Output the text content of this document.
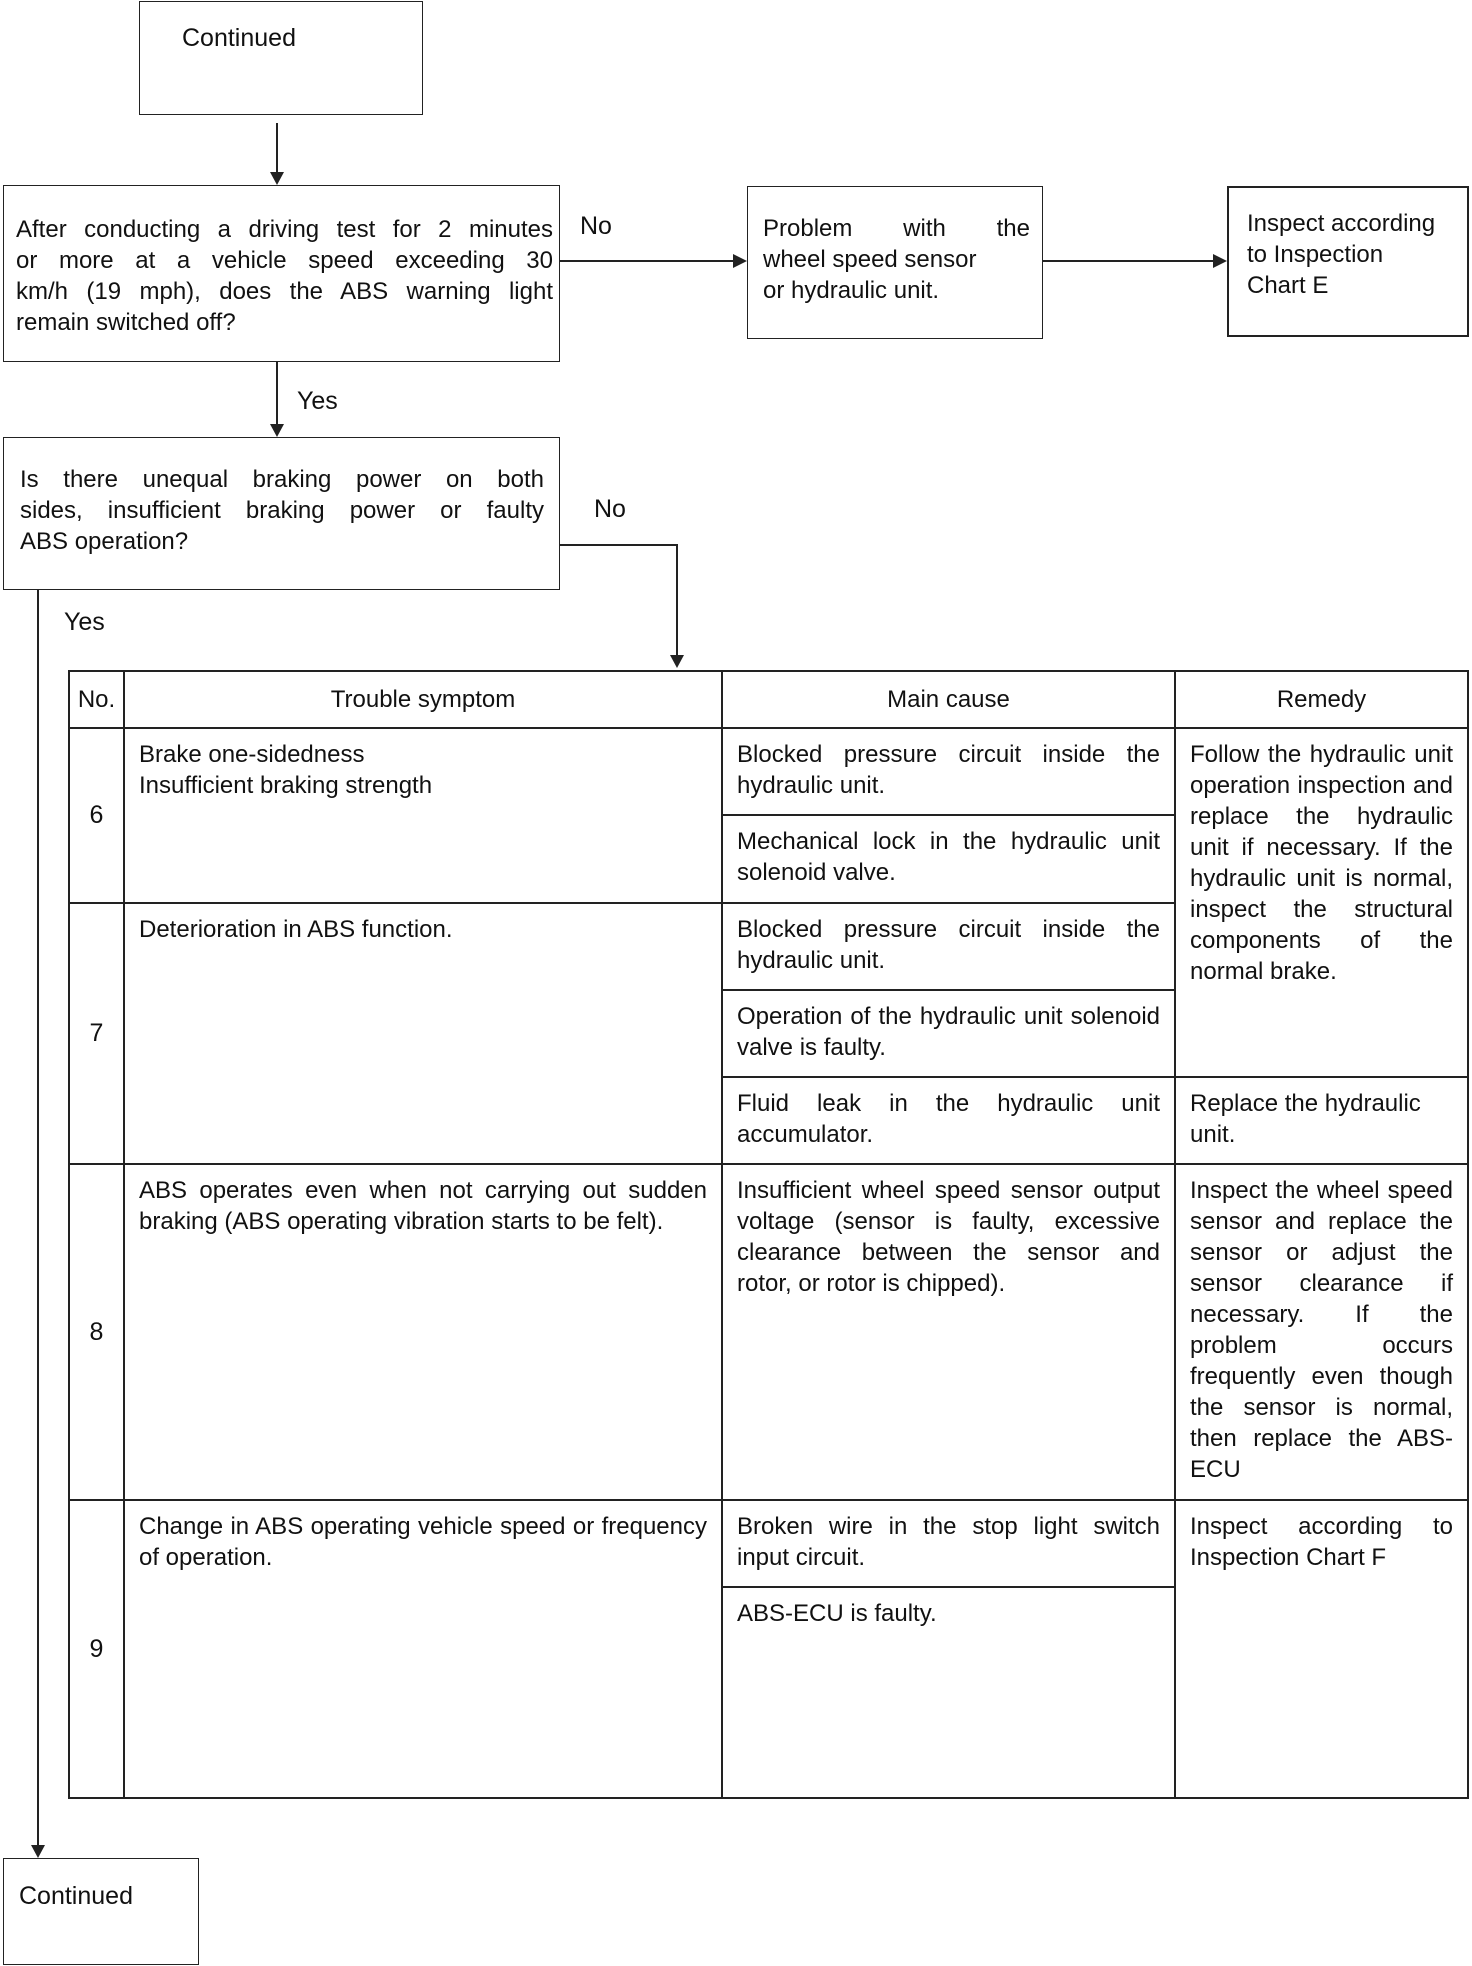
Continued
After conducting a driving test for 2 minutes
or more at a vehicle speed exceeding 30
km/h (19 mph), does the ABS warning light
remain switched off?
No	Problem with the
wheel speed sensor
or hydraulic unit.
Inspect according
to Inspection
Chart E
Yes
Is there unequal braking power on both
sides, insufficient braking power or faulty
ABS operation?
No
Yes
No.	Trouble symptom	Main cause	Remedy
6	Brake one-sidedness
Insufficient braking strength	Blocked pressure circuit inside the hydraulic unit.	Follow the hydraulic unit operation inspection and replace the hydraulic unit if necessary. If the hydraulic unit is normal, inspect the structural components of the normal brake.

		Mechanical lock in the hydraulic unit solenoid valve.	

7	Deterioration in ABS function.	Blocked pressure circuit inside the hydraulic unit.	

		Operation of the hydraulic unit solenoid valve is faulty.	

		Fluid leak in the hydraulic unit accumulator.	Replace the hydraulic unit.

8	ABS operates even when not carrying out sudden braking (ABS operating vibration starts to be felt).	Insufficient wheel speed sensor output voltage (sensor is faulty, excessive clearance between the sensor and rotor, or rotor is chipped).	Inspect the wheel speed sensor and replace the sensor or adjust the sensor clearance if necessary. If the problem occurs frequently even though the sensor is normal, then replace the ABS-ECU

9	Change in ABS operating vehicle speed or frequency of operation.	Broken wire in the stop light switch input circuit.	Inspect according to Inspection Chart F

		ABS-ECU is faulty.	
Continued
